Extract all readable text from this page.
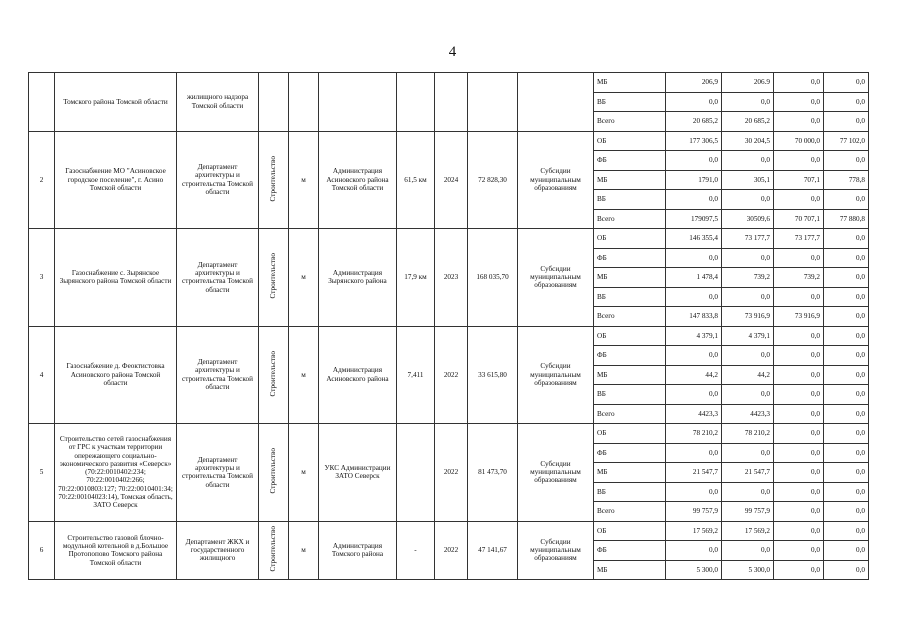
4
	Томского района Томской области	жилищного надзора Томской области								МБ	206,9	206.9	0,0	0,0
										ВБ	0,0	0,0	0,0	0,0
										Всего	20 685,2	20 685,2	0,0	0,0
2	Газоснабжение МО "Асиновское городское поселение", г. Асино Томской области	Департамент архитектуры и строительства Томской области	Строительство	м	Администрация Асиновского района Томской области	61,5 км	2024	72 828,30	Субсидии муниципальным образованиям	ОБ	177 306,5	30 204,5	70 000,0	77 102,0
										ФБ	0,0	0,0	0,0	0,0
										МБ	1791,0	305,1	707,1	778,8
										ВБ	0,0	0,0	0,0	0,0
										Всего	179097,5	30509,6	70 707,1	77 880,8
3	Газоснабжение с. Зырянское Зырянского района Томской области	Департамент архитектуры и строительства Томской области	Строительство	м	Администрация Зырянского района	17,9 км	2023	168 035,70	Субсидии муниципальным образованиям	ОБ	146 355,4	73 177,7	73 177,7	0,0
										ФБ	0,0	0,0	0,0	0,0
										МБ	1 478,4	739,2	739,2	0,0
										ВБ	0,0	0,0	0,0	0,0
										Всего	147 833,8	73 916,9	73 916,9	0,0
4	Газоснабжение д. Феоктистовка Асиновского района Томской области	Департамент архитектуры и строительства Томской области	Строительство	м	Администрация Асиновского района	7,411	2022	33 615,80	Субсидии муниципальным образованиям	ОБ	4 379,1	4 379,1	0,0	0,0
										ФБ	0,0	0,0	0,0	0,0
										МБ	44,2	44,2	0,0	0,0
										ВБ	0,0	0,0	0,0	0,0
										Всего	4423,3	4423,3	0,0	0,0
5	Строительство сетей газоснабжения от ГРС к участкам территории опережающего социально-экономического развития «Северск» (70:22:0010402:234; 70:22:0010402:266; 70:22:0010803:127; 70:22:0010401:34; 70:22:0010402З:14), Томская область, ЗАТО Северск	Департамент архитектуры и строительства Томской области	Строительство	м	УКС Администрации ЗАТО Северск		2022	81 473,70	Субсидии муниципальным образованиям	ОБ	78 210,2	78 210,2	0,0	0,0
										ФБ	0,0	0,0	0,0	0,0
										МБ	21 547,7	21 547,7	0,0	0,0
										ВБ	0,0	0,0	0,0	0,0
										Всего	99 757,9	99 757,9	0,0	0,0
6	Строительство газовой блочно-модульной котельной в д.Большое Протопопово Томского района Томской области	Департамент ЖКХ и государственного жилищного	Строительство	м	Администрация Томского района	-	2022	47 141,67	Субсидии муниципальным образованиям	ОБ	17 569,2	17 569,2	0,0	0,0
										ФБ	0,0	0,0	0,0	0,0
										МБ	5 300,0	5 300,0	0,0	0,0
